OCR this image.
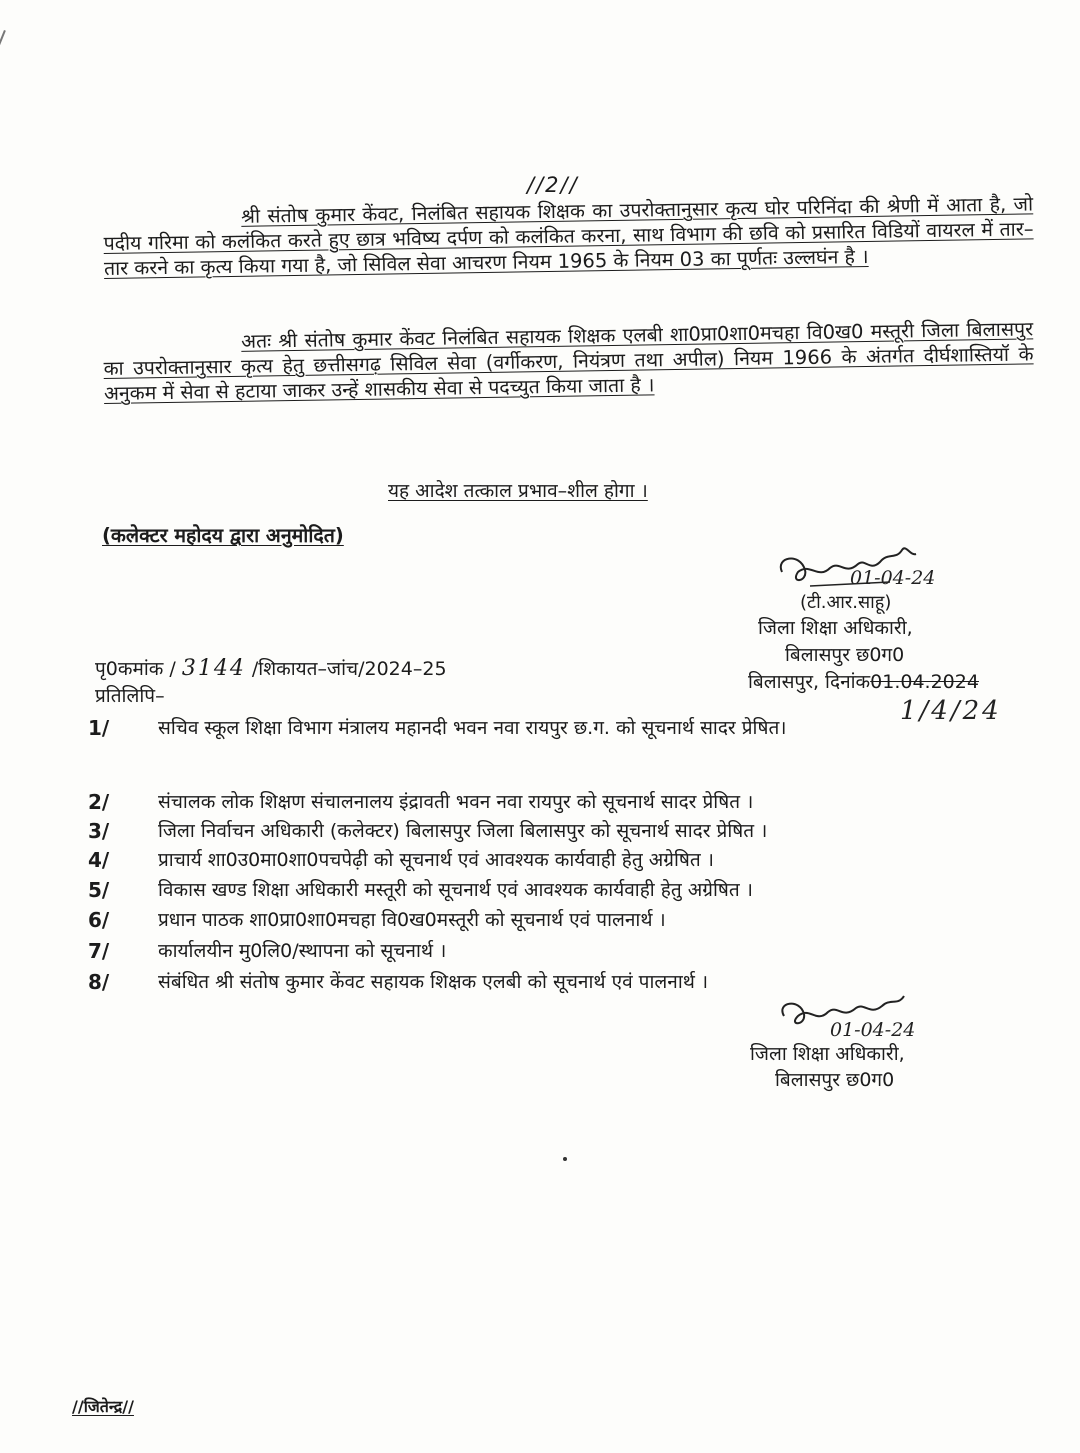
//2//
श्री संतोष कुमार केंवट, निलंबित सहायक शिक्षक का उपरोक्तानुसार कृत्य घोर परिनिंदा की श्रेणी में आता है, जो पदीय गरिमा को कलंकित करते हुए छात्र भविष्य दर्पण को कलंकित करना, साथ विभाग की छवि को प्रसारित विडियों वायरल में तार–तार करने का कृत्य किया गया है, जो सिविल सेवा आचरण नियम 1965 के नियम 03 का पूर्णतः उल्लघंन है ।
अतः श्री संतोष कुमार केंवट निलंबित सहायक शिक्षक एलबी शा0प्रा0शा0मचहा वि0ख0 मस्तूरी जिला बिलासपुर का उपरोक्तानुसार कृत्य हेतु छत्तीसगढ़ सिविल सेवा (वर्गीकरण, नियंत्रण तथा अपील) नियम 1966 के अंतर्गत दीर्घशास्तियॉ के अनुकम में सेवा से हटाया जाकर उन्हें शासकीय सेवा से पदच्युत किया जाता है ।
यह आदेश तत्काल प्रभाव–शील होगा ।
(कलेक्टर महोदय द्वारा अनुमोदित)
01-04-24
(टी.आर.साहू)
जिला शिक्षा अधिकारी,
बिलासपुर छ0ग0
बिलासपुर, दिनांक01.04.2024
1/4/24
पृ0कमांक / 3144 /शिकायत–जांच/2024–25
प्रतिलिपि–
1/	सचिव स्कूल शिक्षा विभाग मंत्रालय महानदी भवन नवा रायपुर छ.ग. को सूचनार्थ सादर प्रेषित।
2/	संचालक लोक शिक्षण संचालनालय इंद्रावती भवन नवा रायपुर को सूचनार्थ सादर प्रेषित ।
3/	जिला निर्वाचन अधिकारी (कलेक्टर) बिलासपुर जिला बिलासपुर को सूचनार्थ सादर प्रेषित ।
4/	प्राचार्य शा0उ0मा0शा0पचपेढ़ी को सूचनार्थ एवं आवश्यक कार्यवाही हेतु अग्रेषित ।
5/	विकास खण्ड शिक्षा अधिकारी मस्तूरी को सूचनार्थ एवं आवश्यक कार्यवाही हेतु अग्रेषित ।
6/	प्रधान पाठक शा0प्रा0शा0मचहा वि0ख0मस्तूरी को सूचनार्थ एवं पालनार्थ ।
7/	कार्यालयीन मु0लि0/स्थापना को सूचनार्थ ।
8/	संबंधित श्री संतोष कुमार केंवट सहायक शिक्षक एलबी को सूचनार्थ एवं पालनार्थ ।
01-04-24
जिला शिक्षा अधिकारी,
बिलासपुर छ0ग0
//जितेन्द्र//
